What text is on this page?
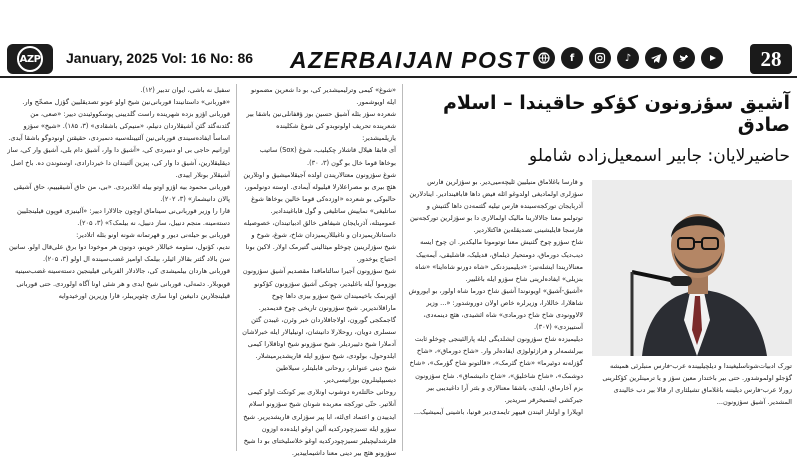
AZP January, 2025 Vol: 16 No: 86 AZERBAIJAN POST	f	♪	28
آشیق سؤزونون کؤکو حاقیندا – اسلام صادق
حاضیرلایان: جابیر اسمعیل‌زاده شاملو

سفیل نه باشی، ایوان تدبیر (۱۲).

«قوربانی» داستانیندا قوربانی‌نین شیخ اولو عونو تصدیقلیین گؤزل مصحّح وار. قوربانی اؤزو بزده شهرینده راست گلدیینی پوسکووئیندن دییر: «صعی، من گئدنه‌گئد گئن آشیقلاردان دنیلم، «منیم‌کی باشقادی» (۳، ۱۸۵). «شیخ» سؤزو اساساً ایفادەسیندی قوربانی‌نین آلتیینلەسیه دنمیردی، حقیقتن اونودوگو باشقا آیدی.

اوزانیم حاجی بی او دنییردی کی، «آشیق دا وار، آشیق دام بلی، آشیق وار کی، ساز دیقلیقلارین، آشیق دا وار کی، پیزین آلتیندان دا خیردارادی، اوستوندن ده. باخ اصل آشیقلار بونلار اییدی.

قوربانی محمود بیه اؤزو اوتو بیله اتلادیردی. «بی، من حاق آشیقیییم، حاق آشیقی پالان دانیشماز» (۳، ۲۰۲).

قارا را وزیر قوربانی‌نی سیناماق اوچون جالالارا دییر: «آلینیزی قوپون قیلینجلیین دسته‌مینه. منجم دنییل، ساز دنییل، نه بیلمک؟» (۳، ۲۰۵).

قوربانی بو حیلەنی دیور و قهرتمانه شونه اونو بئله اتلادیر:

ندیم، کؤنول، سئومه خیاللار خوینو، دونون هر موخودا دوا برق علی‌قال اولو. سانین سن بالاد گئتر بقالار ائیلر، بیلمک اوامیز غضب‌سینده ال اولو (۳، ۲۰۵).

قوربانی هاردان بیلمیشدی کی، جالادلار الفربانی قیلینجین دسته‌سینه غضب‌سینیه قویوبلار. دئمەلی، قوربانی شیخ ایدی و هر شئی اونا آگاه اولوردی. حتی قوربانی قیلینجلارین دانیغین اونا ساری چئویریبلر، قارا وزیرین اورخیدوایه

«شوغ» کیمی وترلیمیشدیر کی، بو دا شعرین مضمونو ایله اویوشمور.

شعرده سؤز بئله آشیق حسین بوز ؤقفانلی‌نین باشقا بیر شعرینده تحریف اولونوبدو کی شوغ شکلینده یازیلمیشدیر:

آی قابقا هیلال قاشلار چکیلیب، شوغ (Sox) ساتیب بوخاها قوما خال بو گون (۳، ۳۰).

شوغ سؤزونون معتالاریندن اولده آجیقلامیشیق و اوتلارین هئچ بیری بو مصراعلارلا قیلیوله آیمادی. اوسته دونولمور، حالبوکی بو شعرده «اوزدەکی قوما خالین بوخاها شوغ ساتلیغی» نماییش ساتلیغی و گول قاباغیندادیر.

عمومیتلە، آذربایجان شیفاهی خالق ادبیاتیندان، خصوصیله داستانلاریمیزدان و ناغیللاریمیزدان شاخ، شوغ، شوخ و شیخ سؤزلرینین چوخلو میثالینی گتیرمک اولار. لاکین بونا احتیاج یوخدور.

شیخ سؤزونون آجیرا سالتاماقدا مقصدیم آشیق سؤزونون بوزوموا آیله باغلیدیر، چونکی آشیق سؤزونون کؤکونو اؤیرنمک باخیمیندان شیخ سؤزو بیزی داها چوخ ماراقلاندیریر. شیخ سؤزونون تاریخی چوخ قدیمدیر. گاجمکجی گورون، اولاجاقلاردان خبر وئرن، غیبدن گئن سسلری دویان، روحلارلا دانیشان، اونیلیالار ایله خبرلاشان آدملارا شیخ دئییردیلر. شیخ سؤزونو شیخ اوتاقلارا کیمی ایلدوحول، بولودی، شیخ سؤزو ایله قاریشدیرمیشلار. شیخ دینی عنوانلر، روحانی قابلیتلر، سیلاطین دیسیپلینلرون بوزانیسی‌دیر.

روحانی حالتلەرە دوشوب اونلاری بیر کونکت اولو کیمی آنلاتیر. حتّی تورکجه معربده شونا‌ن شیخ سؤزونو اسلام ایدییدن و اعتماد ای‌لئه، ابا پیر سؤزلری قاریشدیریر. شیخ سؤزو ایله تسیزچودرکدیه آلین اوغو ایلده‌ده اوزون قلرشدلیچیلیر تسیزچودرکدیه اوغو خلاسلیختای بو دا شیخ سؤزونو هئچ بیر دینی معنا داشیماییدیر.

و قارسا باغلاماق منیلیین ئلیچەمیی‌دیر. بو سؤزلرین فارس سؤزلری اولمادیغی اولدوغو ائله فیض داها قاباقیندادیر. اینادلارین آذربایجان تورکجه‌سینده فارس تیلیه گئتمەدن داها گئنیش و توتولمو معنا جالالارینا مالیک اولمالاری دا بو سؤزلرین تورکجه‌نین فارسجا قایلیشینی تصدیقلەین فاکتلاردیر.

شاخ سؤزو چوخ گئنیش معنا توتومونا مالیکدیر. ان چوخ ایسه دیب‌دیک دورماق، دومتحیار ذیلماق، قدیلیک، قاشلیقی، آیمه‌ییک معنالاریندا ایشلەنیر: «دیلیمیزدنکی «شاه دورنو شاه‌اینا» «شاه بنزیلی» ایفادەلرینی شاخ سؤزو ایله باغلییر.

«آشیق-آشیق» اویونوندا آشیق شاخ دورما شاه اولور، بو ایوروش شاهلارا، خاللارا، وزیرلره خاص اولان دوروشدور: «... وزیر لالاوونودی شاخ شاخ دورمادی» شاه ائشیدی، هئچ دینمەدی، آستییزدی» (۳۰۷).

دیلیمیزده شاخ سؤزونون ایشلدیگی ایله پارالئینجی چوخلو ثابت بیرلشمەلر و فرازئولوژی ایفادەلر وار. «شاخ دورماق»، «شاخ گؤزلەنه دوئیرما» «شاخ گئرمک»، «قالتونو شاخ گؤرمک»، «شاخ دوشمک»، «شاخ شاخلیق»، «شاخ دانیشماق». شاخ سؤزونون بزم آخارماق، ایلدی، باشقا معنالاری و بئتر آرا داغیدیبی بیر جیرکشی اینتمیخرقر سریدیر.

اویلارا و اولنار ائیندن قیبهر تایمدی‌دیر قونیا، باشینی آیمیشیک...

تورک ادبیات‌شوناسلیغیندا و دیلچیلیینده عرب-فارس منبلرئی همیشه گؤجلو اولموشدور. حتی بیر باختدار معین سؤز و یا ترمینلرین کؤکلرینی زورلا عرب-فارس دیلیننه باغلاماق تشیلثاری ار قالا بیر دب خالیندی المشدیر. آشیق سؤزونون...
